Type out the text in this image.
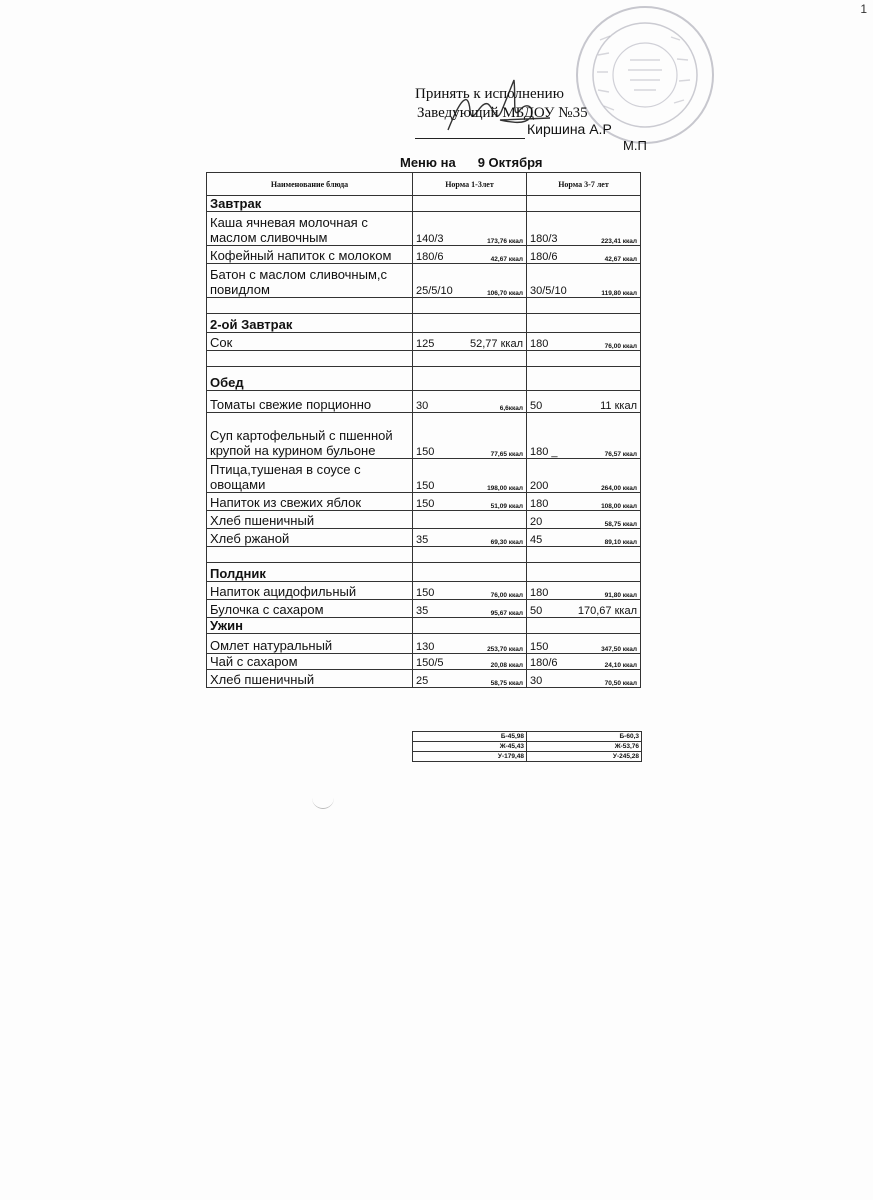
1
Принять к исполнению
Заведующий МБДОУ №35
Киршина А.Р
М.П
Меню на 9 Октября
Наименование блюда	Норма 1-3лет	Норма 3-7 лет
Завтрак		
Каша ячневая молочная с маслом сливочным	140/3 173,76 ккал	180/3 223,41 ккал

Кофейный напиток с молоком	180/6 42,67 ккал	180/6 42,67 ккал

Батон с маслом сливочным,с повидлом	25/5/10 106,70 ккал	30/5/10 119,80 ккал

2-ой Завтрак		
Сок	125 52,77 ккал	180 76,00 ккал

Обед		
Томаты свежие порционно	30 6,6ккал	50 11 ккал

Суп картофельный с пшенной крупой на курином бульоне	150 77,65 ккал	180 _ 76,57 ккал

Птица,тушеная в соусе с овощами	150 198,00 ккал	200 264,00 ккал

Напиток из свежих яблок	150 51,09 ккал	180 108,00 ккал

Хлеб пшеничный		20 58,75 ккал

Хлеб ржаной	35 69,30 ккал	45 89,10 ккал

Полдник		
Напиток ацидофильный	150 76,00 ккал	180 91,80 ккал

Булочка с сахаром	35 95,67 ккал	50 170,67 ккал

Ужин		
Омлет натуральный	130 253,70 ккал	150 347,50 ккал

Чай с сахаром	150/5 20,08 ккал	180/6 24,10 ккал

Хлеб пшеничный	25 58,75 ккал	30 70,50 ккал
Б-45,98	Б-60,3
Ж-45,43	Ж-53,76
У-179,48	У-245,28
